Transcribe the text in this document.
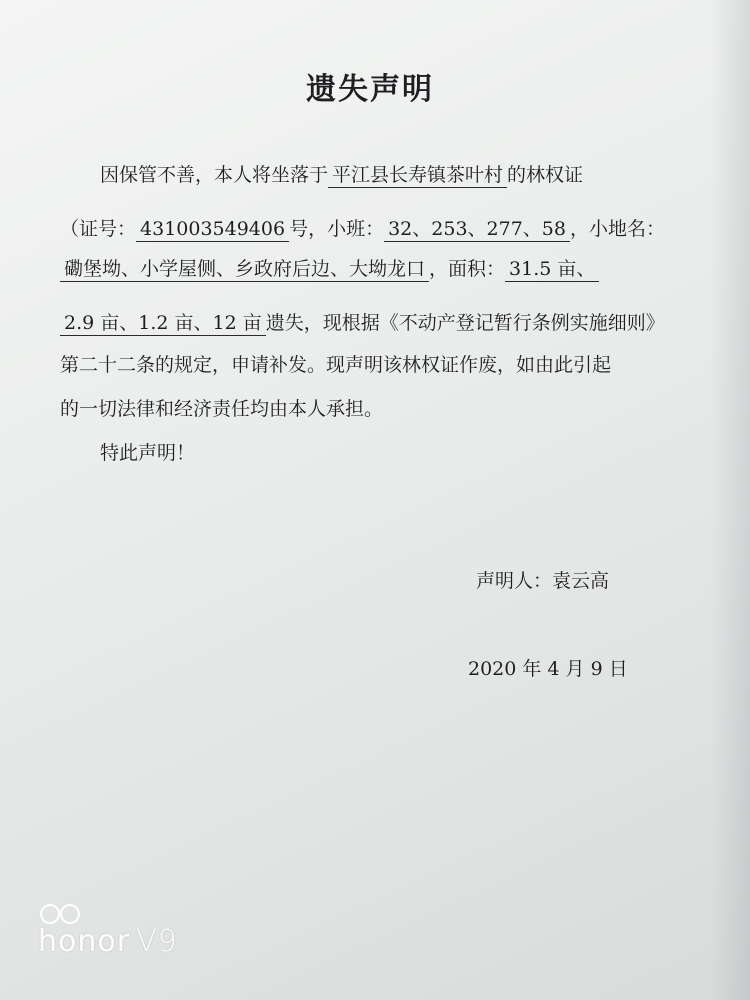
遗失声明
因保管不善，本人将坐落于 平江县长寿镇茶叶村 的林权证
（证号： 431003549406 号，小班： 32、253、277、58 ，小地名：
磡堡坳、小学屋侧、乡政府后边、大坳龙口 ，面积： 31.5 亩、
2.9 亩、1.2 亩、12 亩 遗失，现根据《不动产登记暂行条例实施细则》
第二十二条的规定，申请补发。现声明该林权证作废，如由此引起
的一切法律和经济责任均由本人承担。
特此声明！
声明人：袁云高
2020 年 4 月 9 日
honor V9
